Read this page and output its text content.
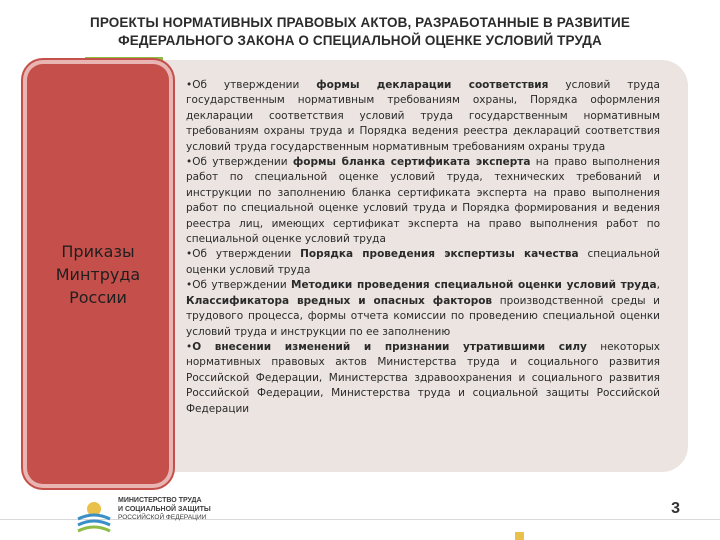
ПРОЕКТЫ НОРМАТИВНЫХ ПРАВОВЫХ АКТОВ, РАЗРАБОТАННЫЕ В РАЗВИТИЕ
ФЕДЕРАЛЬНОГО ЗАКОНА О СПЕЦИАЛЬНОЙ ОЦЕНКЕ УСЛОВИЙ ТРУДА
Приказы
Минтруда
России

•Об утверждении формы декларации соответствия условий труда государственным нормативным требованиям охраны, Порядка оформления декларации соответствия условий труда государственным нормативным требованиям охраны труда и Порядка ведения реестра деклараций соответствия условий труда государственным нормативным требованиям охраны труда

•Об утверждении формы бланка сертификата эксперта на право выполнения работ по специальной оценке условий труда, технических требований и инструкции по заполнению бланка сертификата эксперта на право выполнения работ по специальной оценке условий труда и Порядка формирования и ведения реестра лиц, имеющих сертификат эксперта на право выполнения работ по специальной оценке условий труда

•Об утверждении Порядка проведения экспертизы качества специальной оценки условий труда

•Об утверждении Методики проведения специальной оценки условий труда, Классификатора вредных и опасных факторов производственной среды и трудового процесса, формы отчета комиссии по проведению специальной оценки условий труда и инструкции по ее заполнению

•О внесении изменений и признании утратившими силу некоторых нормативных правовых актов Министерства труда и социального развития Российской Федерации, Министерства здравоохранения и социального развития Российской Федерации, Министерства труда и социальной защиты Российской Федерации

МИНИСТЕРСТВО ТРУДА
И СОЦИАЛЬНОЙ ЗАЩИТЫ
РОССИЙСКОЙ ФЕДЕРАЦИИ
3
